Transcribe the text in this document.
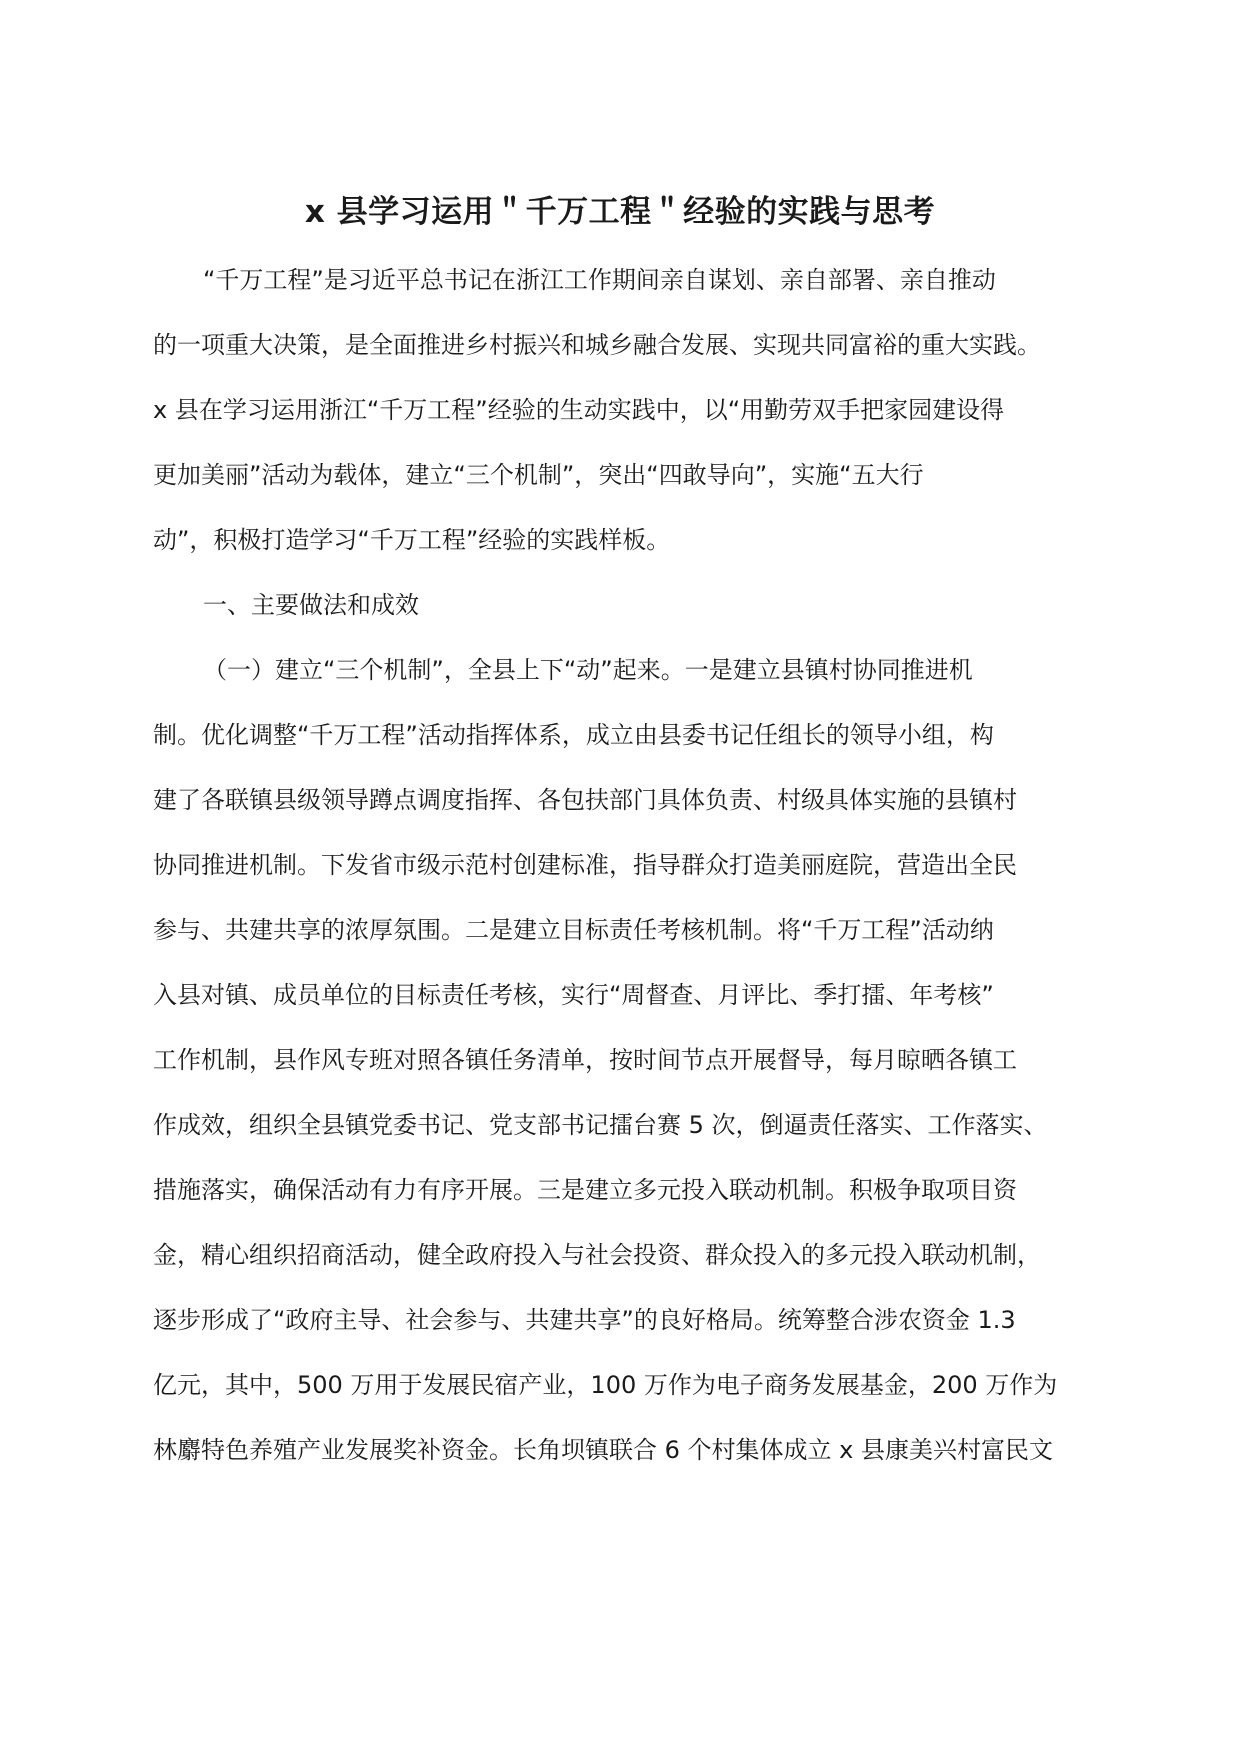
x 县学习运用＂千万工程＂经验的实践与思考
“千万工程”是习近平总书记在浙江工作期间亲自谋划、亲自部署、亲自推动
的一项重大决策，是全面推进乡村振兴和城乡融合发展、实现共同富裕的重大实践。
x 县在学习运用浙江“千万工程”经验的生动实践中，以“用勤劳双手把家园建设得
更加美丽”活动为载体，建立“三个机制”，突出“四敢导向”，实施“五大行
动”，积极打造学习“千万工程”经验的实践样板。
一、主要做法和成效
（一）建立“三个机制”，全县上下“动”起来。一是建立县镇村协同推进机
制。优化调整“千万工程”活动指挥体系，成立由县委书记任组长的领导小组，构
建了各联镇县级领导蹲点调度指挥、各包扶部门具体负责、村级具体实施的县镇村
协同推进机制。下发省市级示范村创建标准，指导群众打造美丽庭院，营造出全民
参与、共建共享的浓厚氛围。二是建立目标责任考核机制。将“千万工程”活动纳
入县对镇、成员单位的目标责任考核，实行“周督查、月评比、季打擂、年考核”
工作机制，县作风专班对照各镇任务清单，按时间节点开展督导，每月晾晒各镇工
作成效，组织全县镇党委书记、党支部书记擂台赛 5 次，倒逼责任落实、工作落实、
措施落实，确保活动有力有序开展。三是建立多元投入联动机制。积极争取项目资
金，精心组织招商活动，健全政府投入与社会投资、群众投入的多元投入联动机制，
逐步形成了“政府主导、社会参与、共建共享”的良好格局。统筹整合涉农资金 1.3
亿元，其中，500 万用于发展民宿产业，100 万作为电子商务发展基金，200 万作为
林麝特色养殖产业发展奖补资金。长角坝镇联合 6 个村集体成立 x 县康美兴村富民文
